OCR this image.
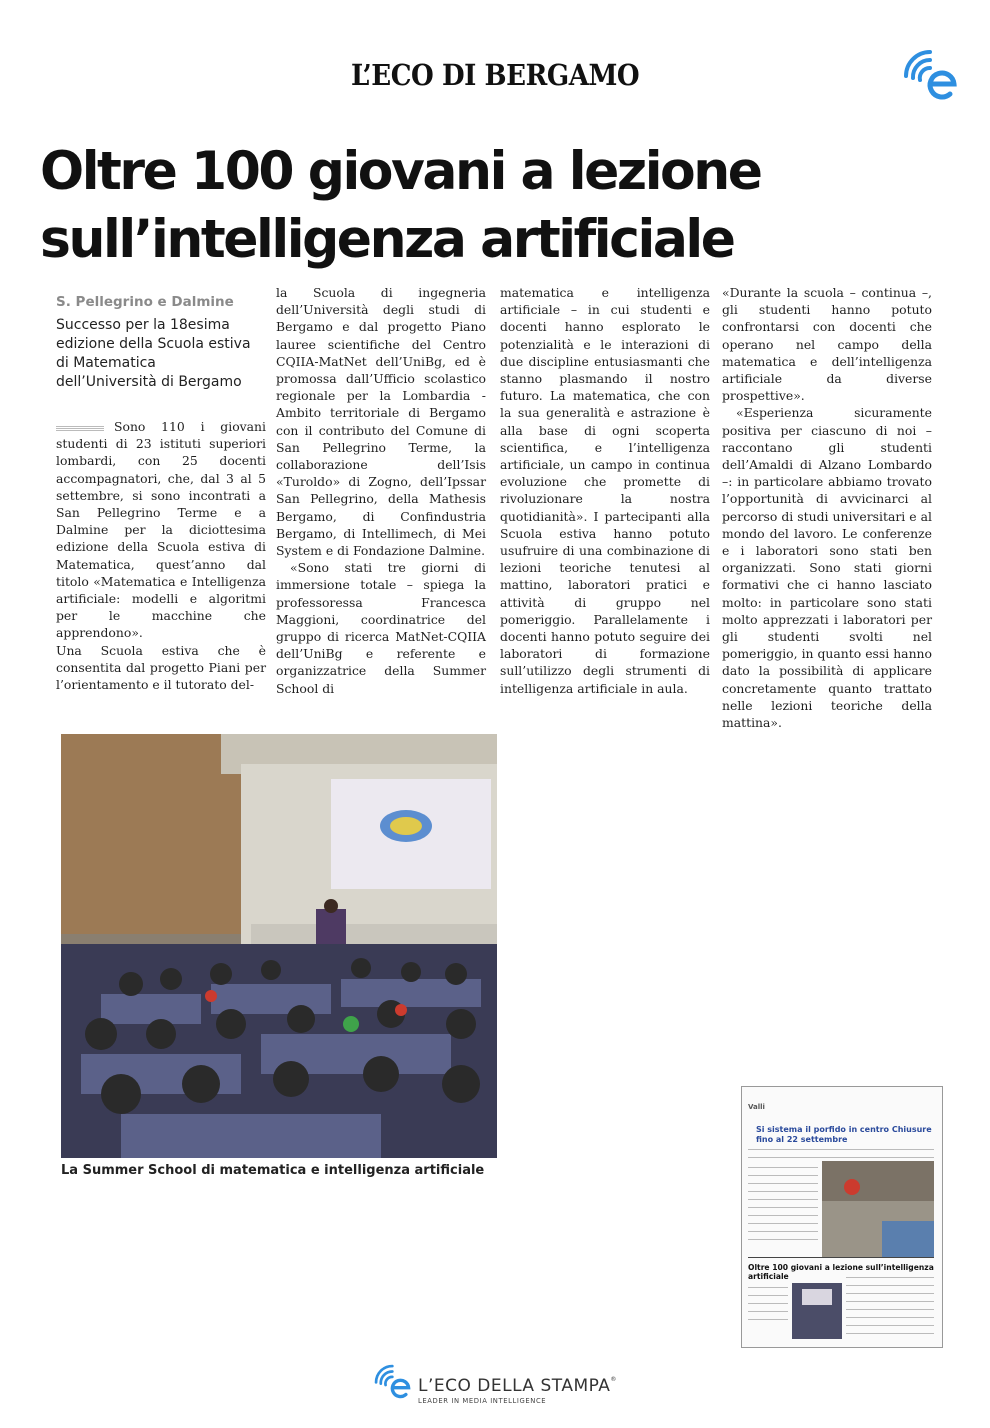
L’ECO DI BERGAMO
Oltre 100 giovani a lezione
sull’intelligenza artificiale
S. Pellegrino e Dalmine
Successo per la 18esima edizione della Scuola estiva di Matematica dell’Università di Bergamo

Sono 110 i giovani studenti di 23 istituti superiori lombardi, con 25 docenti accompagnatori, che, dal 3 al 5 settembre, si sono incontrati a San Pellegrino Terme e a Dalmine per la diciottesima edizione della Scuola estiva di Matematica, quest’anno dal titolo «Matematica e Intelligenza artificiale: modelli e algoritmi per le macchine che apprendono».

Una Scuola estiva che è consentita dal progetto Piani per l’orientamento e il tutorato del-

la Scuola di ingegneria dell’Università degli studi di Bergamo e dal progetto Piano lauree scientifiche del Centro CQIIA-MatNet dell’UniBg, ed è promossa dall’Ufficio scolastico regionale per la Lombardia - Ambito territoriale di Bergamo con il contributo del Comune di San Pellegrino Terme, la collaborazione dell’Isis «Turoldo» di Zogno, dell’Ipssar San Pellegrino, della Mathesis Bergamo, di Confindustria Bergamo, di Intellimech, di Mei System e di Fondazione Dalmine.

«Sono stati tre giorni di immersione totale – spiega la professoressa Francesca Maggioni, coordinatrice del gruppo di ricerca MatNet-CQIIA dell’UniBg e referente e organizzatrice della Summer School di

matematica e intelligenza artificiale – in cui studenti e docenti hanno esplorato le potenzialità e le interazioni di due discipline entusiasmanti che stanno plasmando il nostro futuro. La matematica, che con la sua generalità e astrazione è alla base di ogni scoperta scientifica, e l’intelligenza artificiale, un campo in continua evoluzione che promette di rivoluzionare la nostra quotidianità». I partecipanti alla Scuola estiva hanno potuto usufruire di una combinazione di lezioni teoriche tenutesi al mattino, laboratori pratici e attività di gruppo nel pomeriggio. Parallelamente i docenti hanno potuto seguire dei laboratori di formazione sull’utilizzo degli strumenti di intelligenza artificiale in aula.

«Durante la scuola – continua –, gli studenti hanno potuto confrontarsi con docenti che operano nel campo della matematica e dell’intelligenza artificiale da diverse prospettive».

«Esperienza sicuramente positiva per ciascuno di noi – raccontano gli studenti dell’Amaldi di Alzano Lombardo –: in particolare abbiamo trovato l’opportunità di avvicinarci al percorso di studi universitari e al mondo del lavoro. Le conferenze e i laboratori sono stati ben organizzati. Sono stati giorni formativi che ci hanno lasciato molto: in particolare sono stati molto apprezzati i laboratori per gli studenti svolti nel pomeriggio, in quanto essi hanno dato la possibilità di applicare concretamente quanto trattato nelle lezioni teoriche della mattina».

La Summer School di matematica e intelligenza artificiale
Valli
Si sistema il porfido in centro Chiusure fino al 22 settembre
Oltre 100 giovani a lezione sull’intelligenza artificiale
L’ECO DELLA STAMPA®
LEADER IN MEDIA INTELLIGENCE
